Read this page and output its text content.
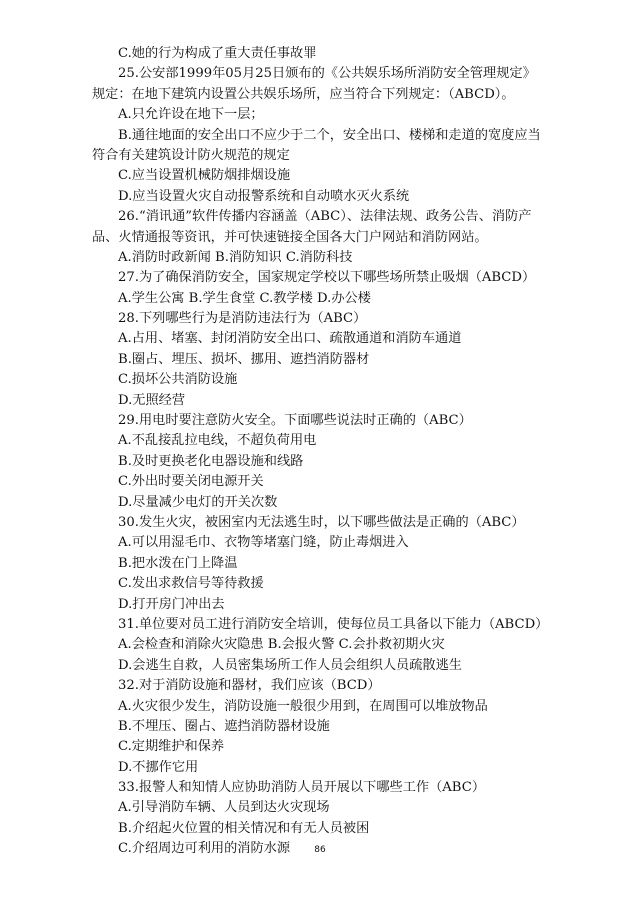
C.她的行为构成了重大责任事故罪
25.公安部1999年05月25日颁布的《公共娱乐场所消防安全管理规定》
规定：在地下建筑内设置公共娱乐场所，应当符合下列规定：（ABCD）。
A.只允许设在地下一层；
B.通往地面的安全出口不应少于二个，安全出口、楼梯和走道的宽度应当
符合有关建筑设计防火规范的规定
C.应当设置机械防烟排烟设施
D.应当设置火灾自动报警系统和自动喷水灭火系统
26.“消讯通”软件传播内容涵盖（ABC）、法律法规、政务公告、消防产
品、火情通报等资讯，并可快速链接全国各大门户网站和消防网站。
A.消防时政新闻 B.消防知识 C.消防科技
27.为了确保消防安全，国家规定学校以下哪些场所禁止吸烟（ABCD）
A.学生公寓 B.学生食堂 C.教学楼 D.办公楼
28.下列哪些行为是消防违法行为（ABC）
A.占用、堵塞、封闭消防安全出口、疏散通道和消防车通道
B.圈占、埋压、损坏、挪用、遮挡消防器材
C.损坏公共消防设施
D.无照经营
29.用电时要注意防火安全。下面哪些说法时正确的（ABC）
A.不乱接乱拉电线，不超负荷用电
B.及时更换老化电器设施和线路
C.外出时要关闭电源开关
D.尽量减少电灯的开关次数
30.发生火灾，被困室内无法逃生时，以下哪些做法是正确的（ABC）
A.可以用湿毛巾、衣物等堵塞门缝，防止毒烟进入
B.把水泼在门上降温
C.发出求救信号等待救援
D.打开房门冲出去
31.单位要对员工进行消防安全培训，使每位员工具备以下能力（ABCD）
A.会检查和消除火灾隐患 B.会报火警 C.会扑救初期火灾
D.会逃生自救，人员密集场所工作人员会组织人员疏散逃生
32.对于消防设施和器材，我们应该（BCD）
A.火灾很少发生，消防设施一般很少用到，在周围可以堆放物品
B.不埋压、圈占、遮挡消防器材设施
C.定期维护和保养
D.不挪作它用
33.报警人和知情人应协助消防人员开展以下哪些工作（ABC）
A.引导消防车辆、人员到达火灾现场
B.介绍起火位置的相关情况和有无人员被困
C.介绍周边可利用的消防水源	86
